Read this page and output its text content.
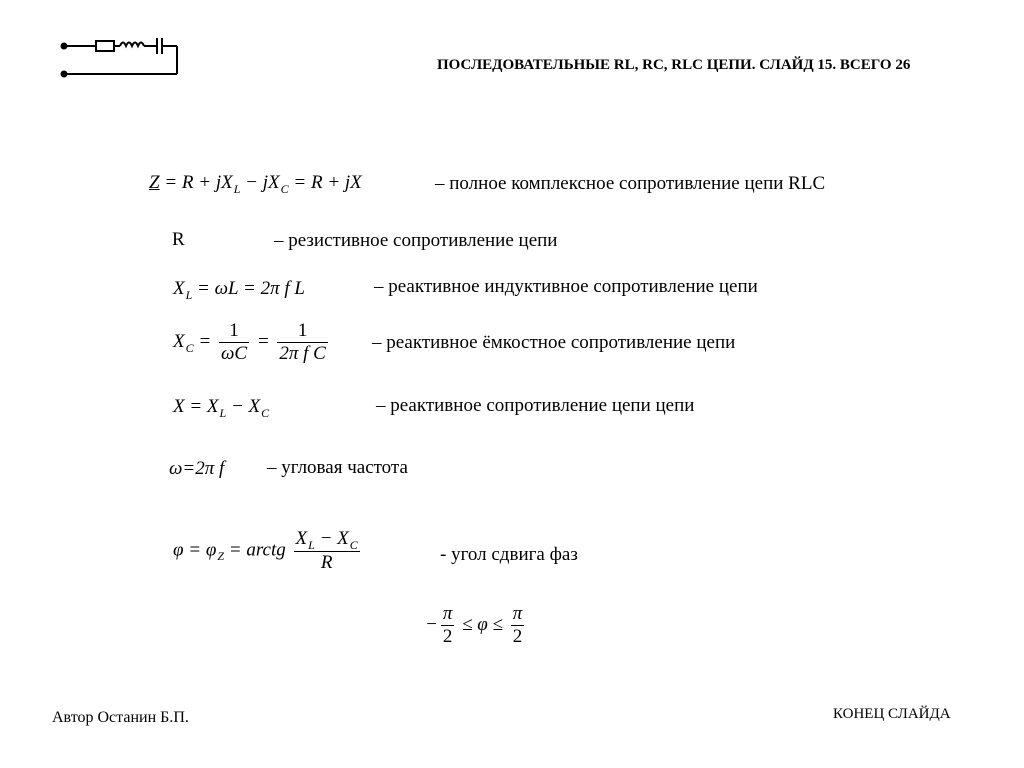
ПОСЛЕДОВАТЕЛЬНЫЕ RL, RC, RLC ЦЕПИ. СЛАЙД 15. ВСЕГО 26
$Z = R + jX_L - jX_C = R$ + jX	– полное комплексное сопротивление цепи RLC
R	– резистивное сопротивление цепи
$X_L = \omega L = 2\pi$ f L	– реактивное индуктивное сопротивление цепи
$X_C = \frac{1}{\omega C} = \frac{1}{\text{2π f C}}$ – реактивное ёмкостное сопротивление цепи
$X = X_L - X_C$	– реактивное сопротивление цепи цепи
ω=2π f – угловая частота
$\varphi = \varphi_Z$ = arctg $\frac{X_L - X_C}{R}$	- угол сдвига фаз
− $\frac{\pi}{2} \le \varphi \le \frac{\pi}{2}$
Автор Останин Б.П.	КОНЕЦ СЛАЙДА
